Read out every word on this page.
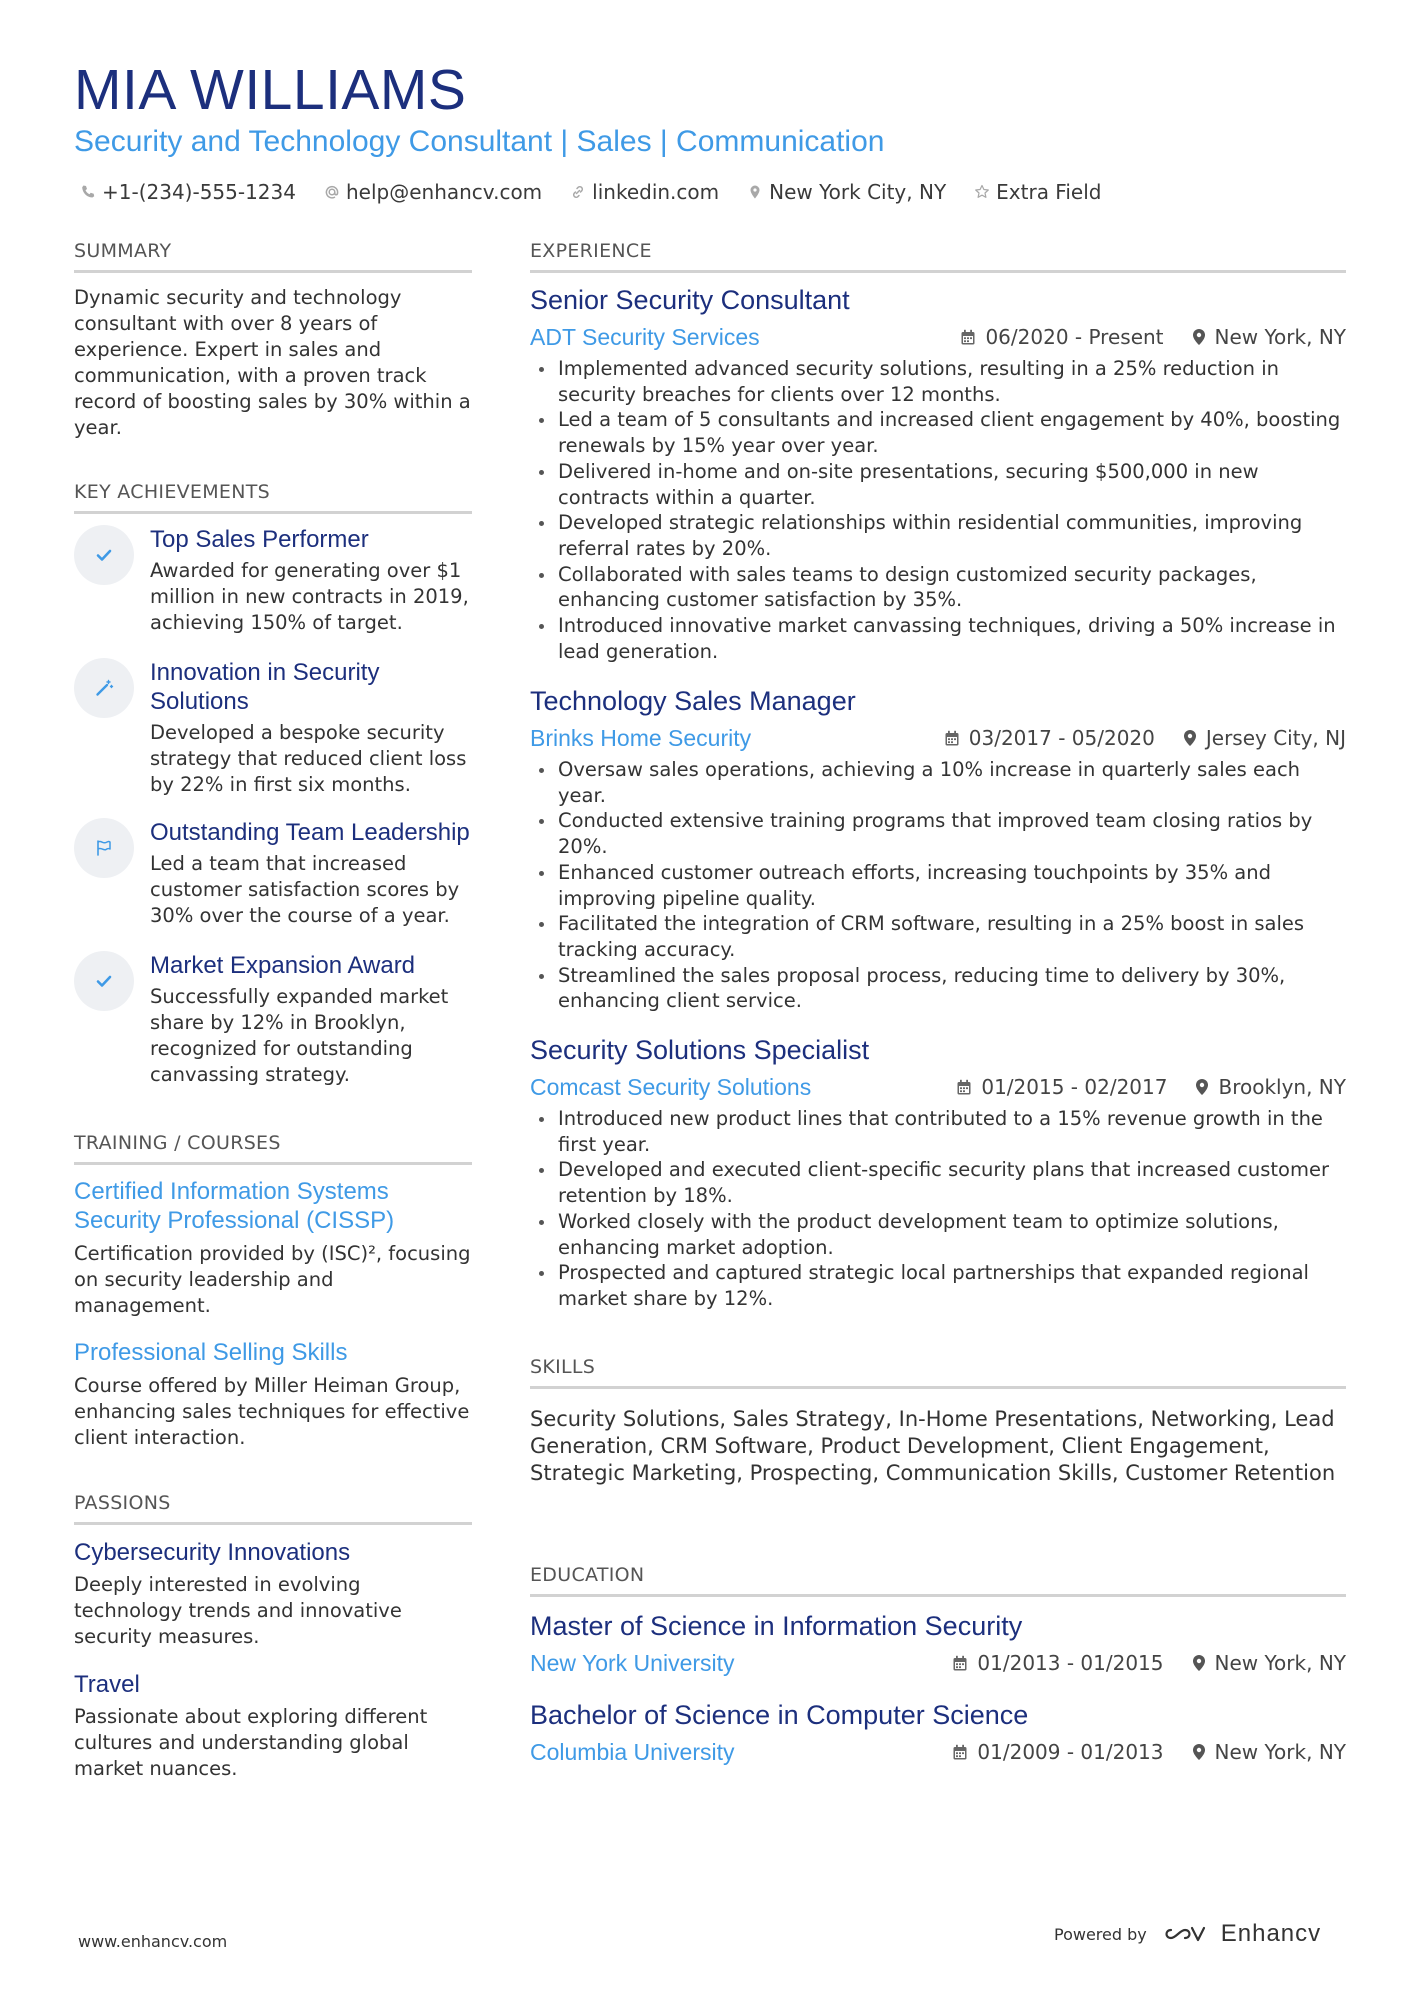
MIA WILLIAMS
Security and Technology Consultant | Sales | Communication
+1-(234)-555-1234	help@enhancv.com	linkedin.com	New York City, NY	Extra Field
SUMMARY
Dynamic security and technology consultant with over 8 years of experience. Expert in sales and communication, with a proven track record of boosting sales by 30% within a year.
KEY ACHIEVEMENTS
Top Sales Performer
Awarded for generating over $1 million in new contracts in 2019, achieving 150% of target.
Innovation in Security Solutions
Developed a bespoke security strategy that reduced client loss by 22% in first six months.
Outstanding Team Leadership
Led a team that increased customer satisfaction scores by 30% over the course of a year.
Market Expansion Award
Successfully expanded market share by 12% in Brooklyn, recognized for outstanding canvassing strategy.
TRAINING / COURSES
Certified Information Systems Security Professional (CISSP)
Certification provided by (ISC)², focusing on security leadership and management.
Professional Selling Skills
Course offered by Miller Heiman Group, enhancing sales techniques for effective client interaction.
PASSIONS
Cybersecurity Innovations
Deeply interested in evolving technology trends and innovative security measures.
Travel
Passionate about exploring different cultures and understanding global market nuances.
EXPERIENCE
Senior Security Consultant
ADT Security Services	06/2020 - Present	New York, NY
Implemented advanced security solutions, resulting in a 25% reduction in security breaches for clients over 12 months.
Led a team of 5 consultants and increased client engagement by 40%, boosting renewals by 15% year over year.
Delivered in-home and on-site presentations, securing $500,000 in new contracts within a quarter.
Developed strategic relationships within residential communities, improving referral rates by 20%.
Collaborated with sales teams to design customized security packages, enhancing customer satisfaction by 35%.
Introduced innovative market canvassing techniques, driving a 50% increase in lead generation.
Technology Sales Manager
Brinks Home Security	03/2017 - 05/2020	Jersey City, NJ
Oversaw sales operations, achieving a 10% increase in quarterly sales each year.
Conducted extensive training programs that improved team closing ratios by 20%.
Enhanced customer outreach efforts, increasing touchpoints by 35% and improving pipeline quality.
Facilitated the integration of CRM software, resulting in a 25% boost in sales tracking accuracy.
Streamlined the sales proposal process, reducing time to delivery by 30%, enhancing client service.
Security Solutions Specialist
Comcast Security Solutions	01/2015 - 02/2017	Brooklyn, NY
Introduced new product lines that contributed to a 15% revenue growth in the first year.
Developed and executed client-specific security plans that increased customer retention by 18%.
Worked closely with the product development team to optimize solutions, enhancing market adoption.
Prospected and captured strategic local partnerships that expanded regional market share by 12%.
SKILLS
Security Solutions, Sales Strategy, In-Home Presentations, Networking, Lead Generation, CRM Software, Product Development, Client Engagement, Strategic Marketing, Prospecting, Communication Skills, Customer Retention
EDUCATION
Master of Science in Information Security
New York University	01/2013 - 01/2015	New York, NY
Bachelor of Science in Computer Science
Columbia University	01/2009 - 01/2013	New York, NY
www.enhancv.com	Powered by	Enhancv
